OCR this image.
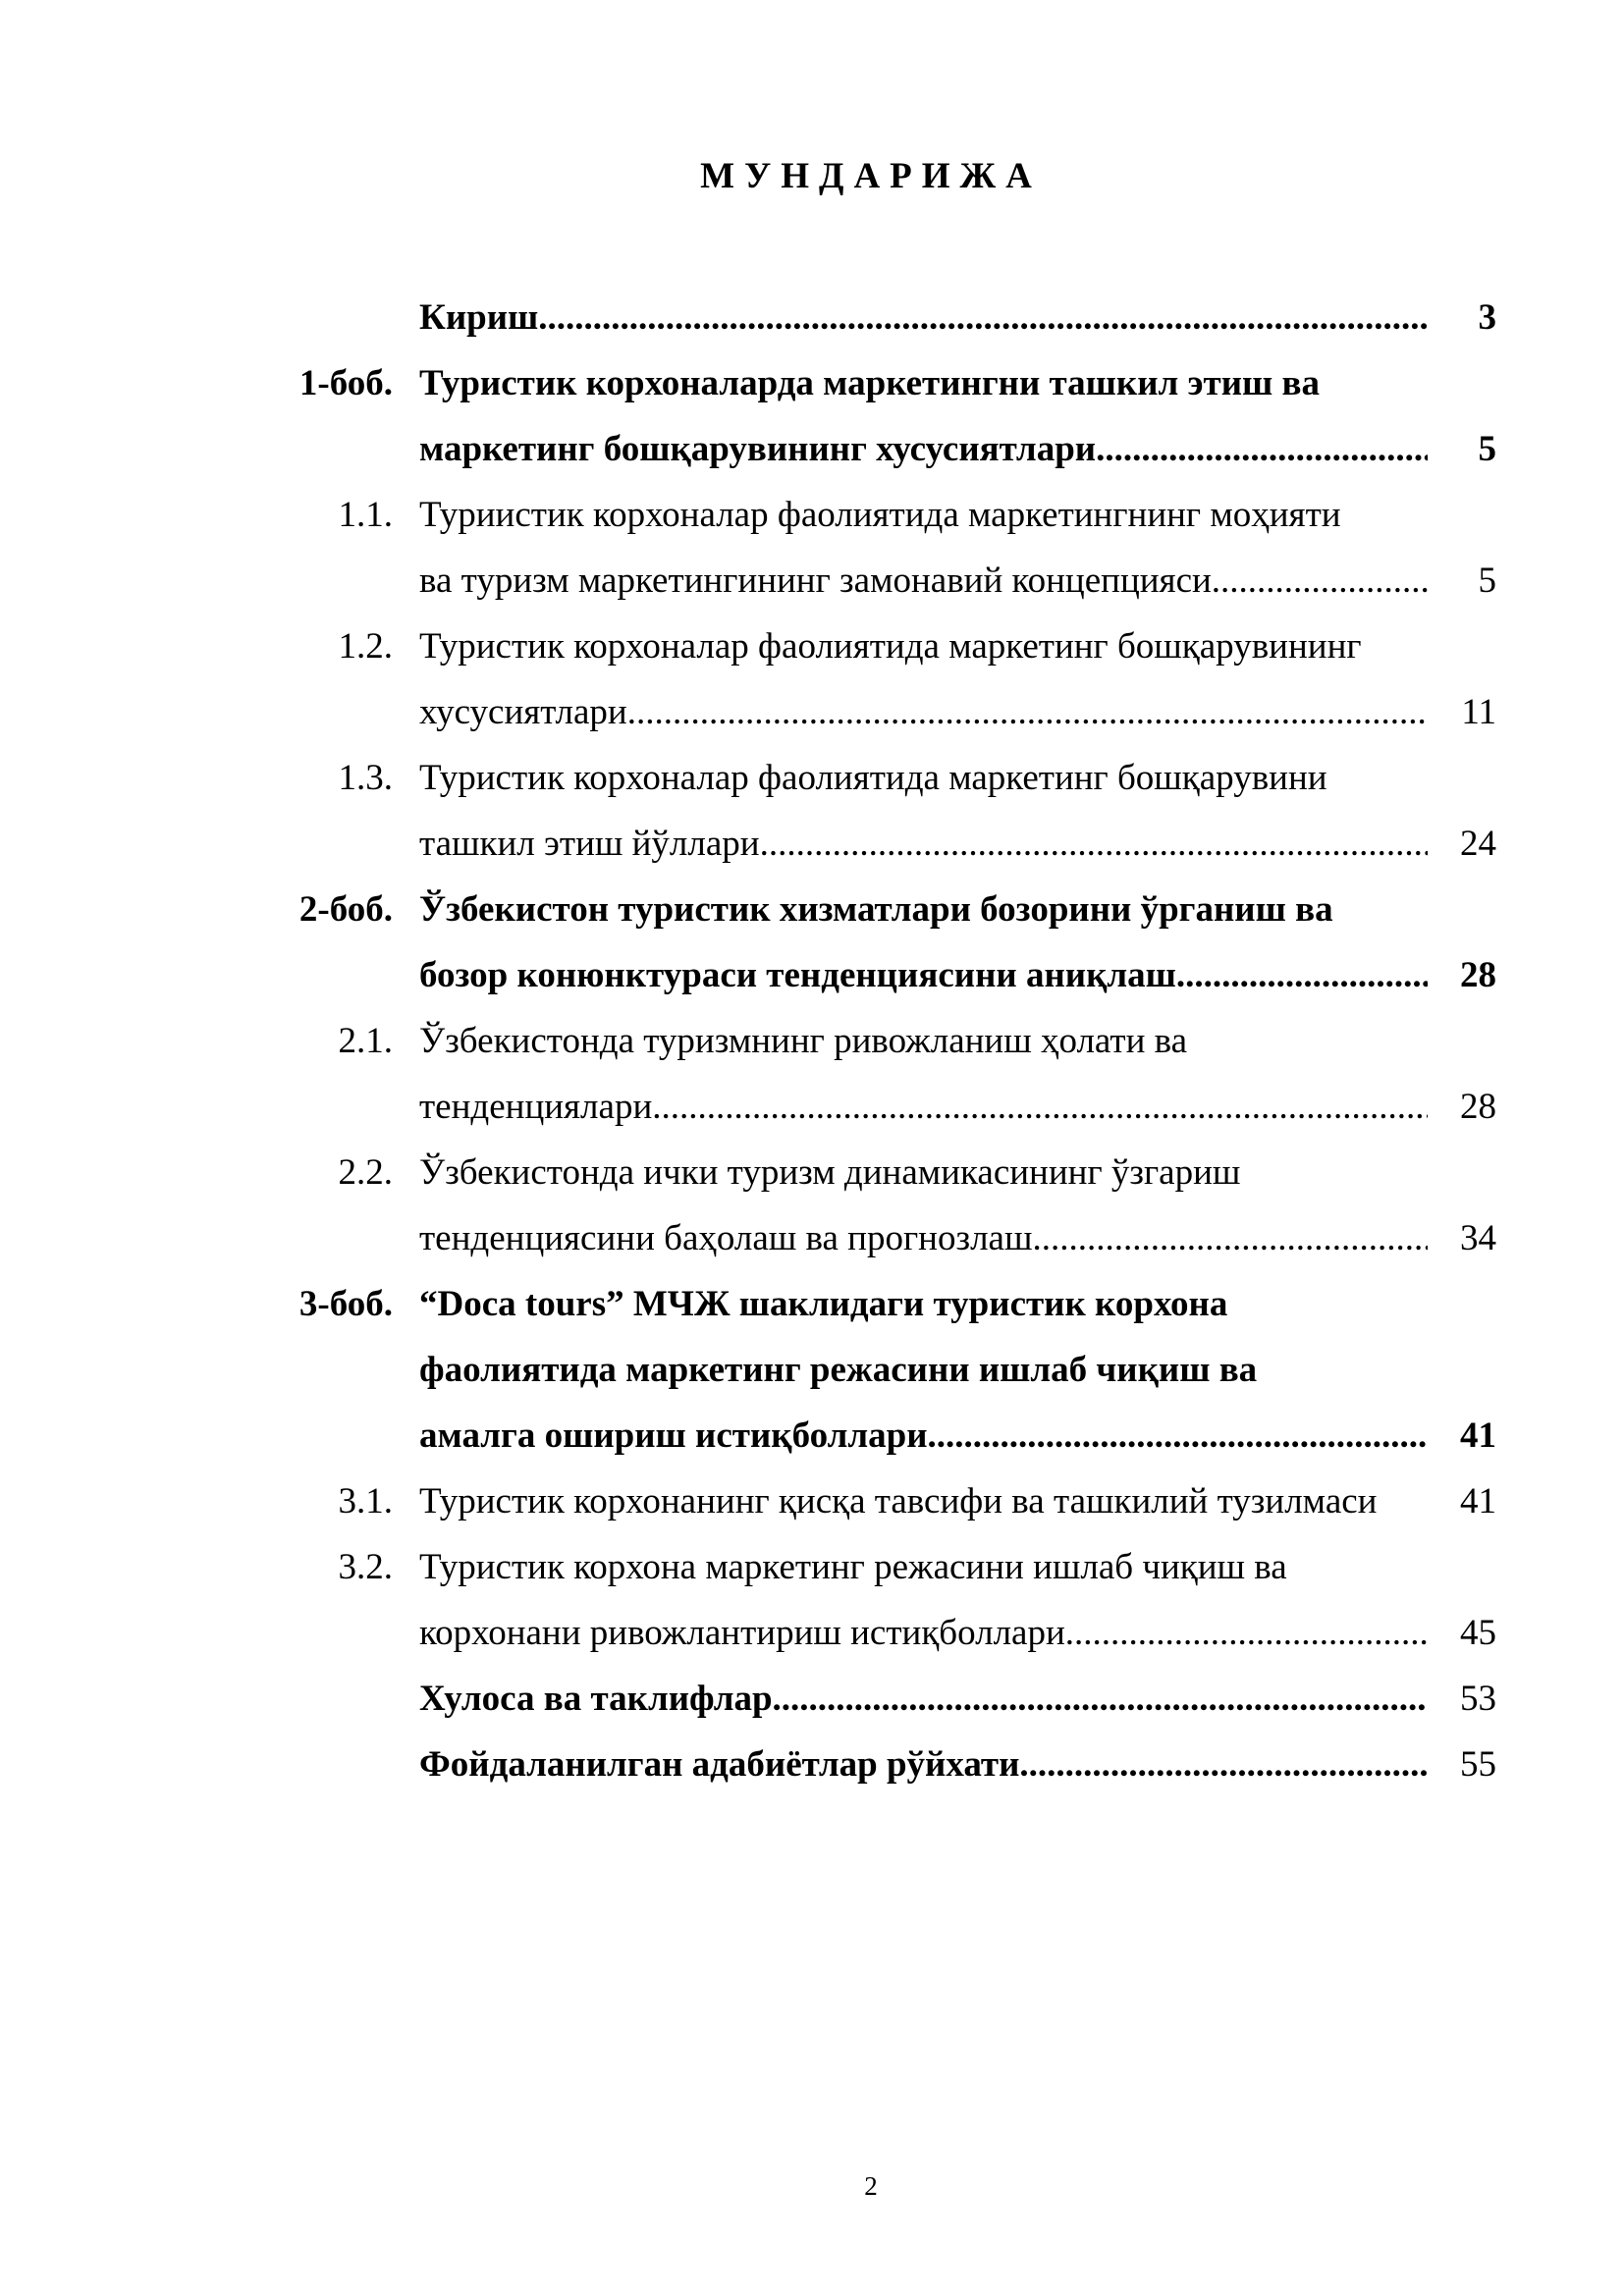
МУНДАРИЖА
Кириш .....	3
1-боб. Туристик корхоналарда маркетингни ташкил этиш ва
маркетинг бошқарувининг хусусиятлари .....	5
1.1. Туриистик корхоналар фаолиятида маркетингнинг моҳияти
ва туризм маркетингининг замонавий концепцияси .....	5
1.2. Туристик корхоналар фаолиятида маркетинг бошқарувининг
хусусиятлари .....	11
1.3. Туристик корхоналар фаолиятида маркетинг бошқарувини
ташкил этиш йўллари .....	24
2-боб. Ўзбекистон туристик хизматлари бозорини ўрганиш ва
бозор конюнктураси тенденциясини аниқлаш .....	28
2.1. Ўзбекистонда туризмнинг ривожланиш ҳолати ва
тенденциялари .....	28
2.2. Ўзбекистонда ички туризм динамикасининг ўзгариш
тенденциясини баҳолаш ва прогнозлаш .....	34
3-боб. “Doca tours” МЧЖ шаклидаги туристик корхона
фаолиятида маркетинг режасини ишлаб чиқиш ва
амалга ошириш истиқболлари .....	41
3.1. Туристик корхонанинг қисқа тавсифи ва ташкилий тузилмаси	41
3.2. Туристик корхона маркетинг режасини ишлаб чиқиш ва
корхонани ривожлантириш истиқболлари .....	45
Хулоса ва таклифлар .....	53
Фойдаланилган адабиётлар рўйхати .....	55
2
